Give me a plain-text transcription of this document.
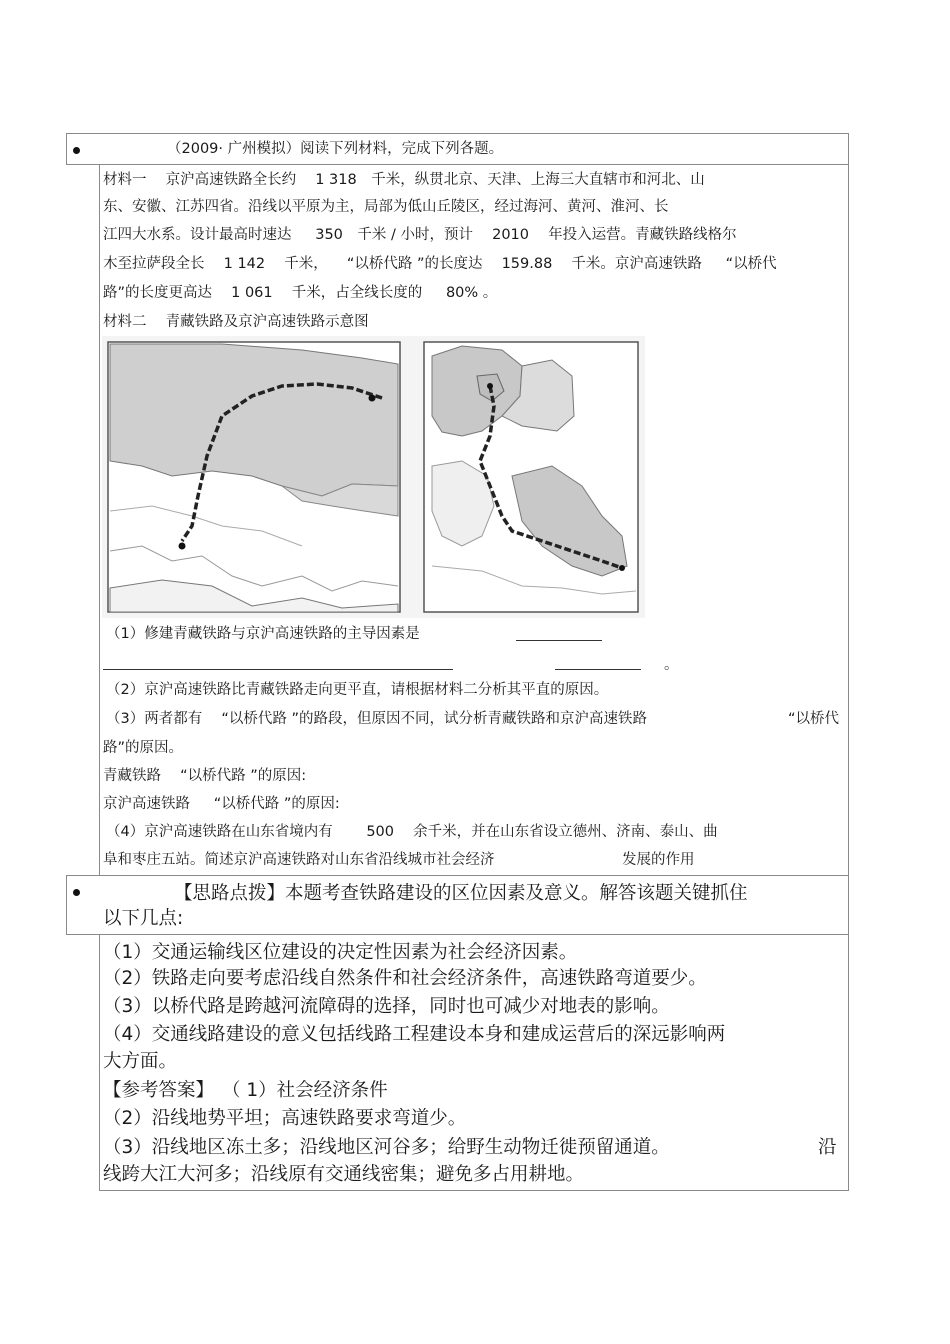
（2009· 广州模拟）阅读下列材料，完成下列各题。
材料一　 京沪高速铁路全长约 　1 318　千米，纵贯北京、天津、上海三大直辖市和河北、山
东、安徽、江苏四省。沿线以平原为主，局部为低山丘陵区，经过海河、黄河、淮河、长
江四大水系。设计最高时速达 　 350　千米 / 小时，预计 　2010 　年投入运营。青藏铁路线格尔
木至拉萨段全长 　1 142 　千米， 　“以桥代路 ”的长度达 　159.88 　千米。京沪高速铁路 　 “以桥代
路”的长度更高达 　1 061 　千米，占全线长度的 　 80% 。
材料二　 青藏铁路及京沪高速铁路示意图
（1）修建青藏铁路与京沪高速铁路的主导因素是
。
（2）京沪高速铁路比青藏铁路走向更平直，请根据材料二分析其平直的原因。
（3）两者都有 　“以桥代路 ”的路段，但原因不同，试分析青藏铁路和京沪高速铁路	“以桥代
路”的原因。
青藏铁路 　“以桥代路 ”的原因:
京沪高速铁路 　 “以桥代路 ”的原因:
（4）京沪高速铁路在山东省境内有 　　500 　余千米，并在山东省设立德州、济南、泰山、曲
阜和枣庄五站。简述京沪高速铁路对山东省沿线城市社会经济	发展的作用
【思路点拨】本题考查铁路建设的区位因素及意义。解答该题关键抓住
以下几点:
（1）交通运输线区位建设的决定性因素为社会经济因素。
（2）铁路走向要考虑沿线自然条件和社会经济条件，高速铁路弯道要少。
（3）以桥代路是跨越河流障碍的选择，同时也可减少对地表的影响。
（4）交通线路建设的意义包括线路工程建设本身和建成运营后的深远影响两
大方面。
【参考答案】 （ 1）社会经济条件
（2）沿线地势平坦；高速铁路要求弯道少。
（3）沿线地区冻土多；沿线地区河谷多；给野生动物迁徙预留通道。	沿
线跨大江大河多；沿线原有交通线密集；避免多占用耕地。
